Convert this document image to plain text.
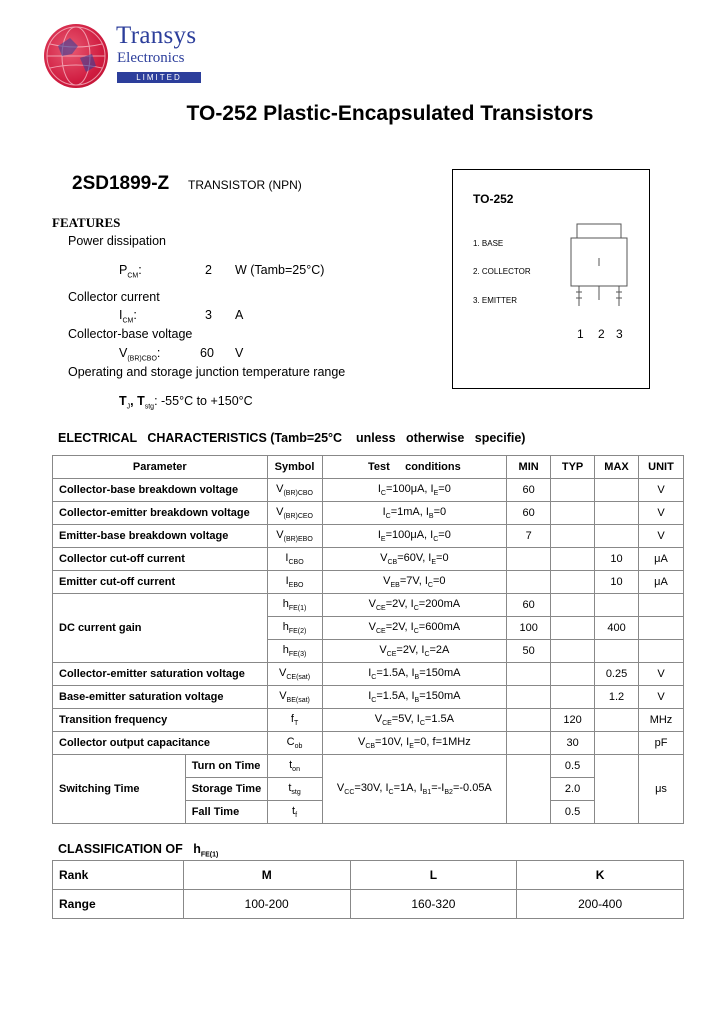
Transys
Electronics
LIMITED
TO-252 Plastic-Encapsulated Transistors
2SD1899-Z TRANSISTOR (NPN)
FEATURES
Power dissipation
$P_{CM}$:	2 W (Tamb=25°C)
Collector current
$I_{CM}$:	3 A
Collector-base voltage
$V_{(BR)CBO}$:	60 V
Operating and storage junction temperature range
$T_J$, $T_{stg}$: -55°C to +150°C
TO-252
1. BASE
2. COLLECTOR
3. EMITTER
1 2 3
ELECTRICAL   CHARACTERISTICS (Tamb=25°C    unless   otherwise   specifie)
Parameter		Symbol	Test     conditions	MIN	TYP	MAX	UNIT
Collector-base breakdown voltage		$V_{(BR)CBO}$	$I_C=100\mu A$, $I_E=0$	60			V
Collector-emitter breakdown voltage		$V_{(BR)CEO}$	$I_C=1mA$, $I_B=0$	60			V
Emitter-base breakdown voltage		$V_{(BR)EBO}$	$I_E=100\mu A$, $I_C=0$	7			V
Collector cut-off current		$I_{CBO}$	$V_{CB}=60V$, $I_E=0$			10	μA
Emitter cut-off current		$I_{EBO}$	$V_{EB}=7V$, $I_C=0$			10	μA
DC current gain		$h_{FE(1)}$	$V_{CE}=2V$, $I_C=200mA$	60			
		$h_{FE(2)}$	$V_{CE}=2V$, $I_C=600mA$	100		400	
		$h_{FE(3)}$	$V_{CE}=2V$, $I_C=2A$	50			
Collector-emitter saturation voltage		$V_{CE(sat)}$	$I_C=1.5A$, $I_B=150mA$			0.25	V
Base-emitter saturation voltage		$V_{BE(sat)}$	$I_C=1.5A$, $I_B=150mA$			1.2	V
Transition frequency		$f_T$	$V_{CE}=5V$, $I_C=1.5A$		120		MHz
Collector output capacitance		$C_{ob}$	$V_{CB}=10V$, $I_E=0$, f=1MHz		30		pF
Switching Time	Turn on Time	$t_{on}$	$V_{CC}=30V$, $I_C=1A$, $I_{B1}=-I_{B2}=-0.05A$		0.5		μs
	Storage Time	$t_{stg}$			2.0		
	Fall Time	$t_f$			0.5		
CLASSIFICATION OF $h_{FE(1)}$
Rank	M	L	K
Range	100-200	160-320	200-400
